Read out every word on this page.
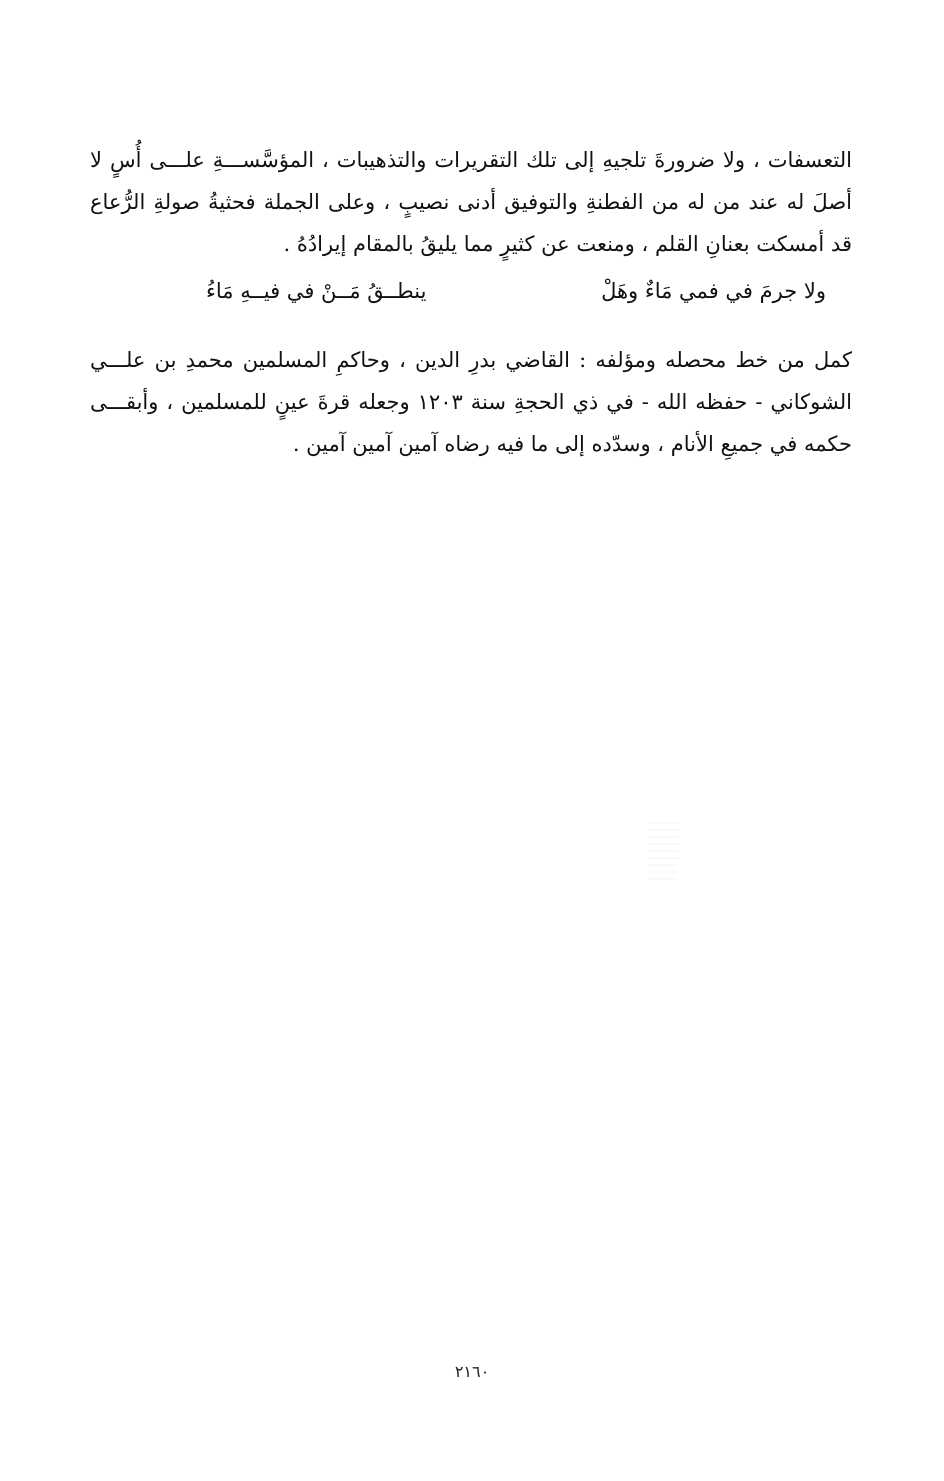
التعسفات ، ولا ضرورةَ تلجيهِ إلى تلك التقريرات والتذهيبات ، المؤسَّســـةِ علـــى أُسٍ لا أصلَ له عند من له من الفطنةِ والتوفيق أدنى نصيبٍ ، وعلى الجملة فحثيةُ صولةِ الرُّعاع قد أمسكت بعنانِ القلم ، ومنعت عن كثيرٍ مما يليقُ بالمقام إيرادُهُ .

ولا جرمَ في فمي مَاءٌ وهَلْ
ينطــقُ مَــنْ في فيــهِ مَاءُ

كمل من خط محصله ومؤلفه : القاضي بدرِ الدين ، وحاكمِ المسلمين محمدِ بن علـــي الشوكاني - حفظه الله - في ذي الحجةِ سنة ١٢٠٣ وجعله قرةَ عينٍ للمسلمين ، وأبقـــى حكمه في جميعِ الأنام ، وسدّده إلى ما فيه رضاه آمين آمين آمين .

٢١٦٠
